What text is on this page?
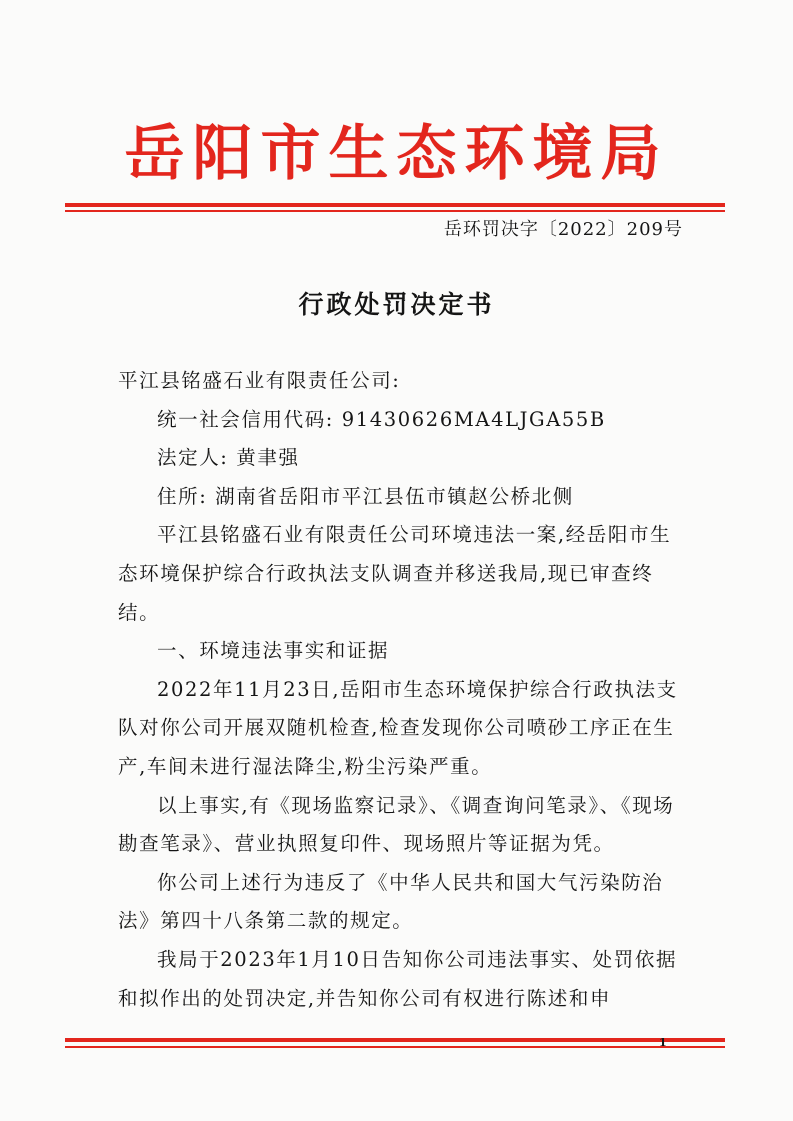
岳阳市生态环境局
岳环罚决字〔2022〕209号
行政处罚决定书

平江县铭盛石业有限责任公司:

统一社会信用代码: 91430626MA4LJGA55B

法定人: 黄聿强

住所: 湖南省岳阳市平江县伍市镇赵公桥北侧

平江县铭盛石业有限责任公司环境违法一案,经岳阳市生态环境保护综合行政执法支队调查并移送我局,现已审查终结。

一、环境违法事实和证据

2022年11月23日,岳阳市生态环境保护综合行政执法支队对你公司开展双随机检查,检查发现你公司喷砂工序正在生产,车间未进行湿法降尘,粉尘污染严重。

以上事实,有《现场监察记录》、《调查询问笔录》、《现场勘查笔录》、营业执照复印件、现场照片等证据为凭。

你公司上述行为违反了《中华人民共和国大气污染防治法》第四十八条第二款的规定。

我局于2023年1月10日告知你公司违法事实、处罚依据和拟作出的处罚决定,并告知你公司有权进行陈述和申

1
